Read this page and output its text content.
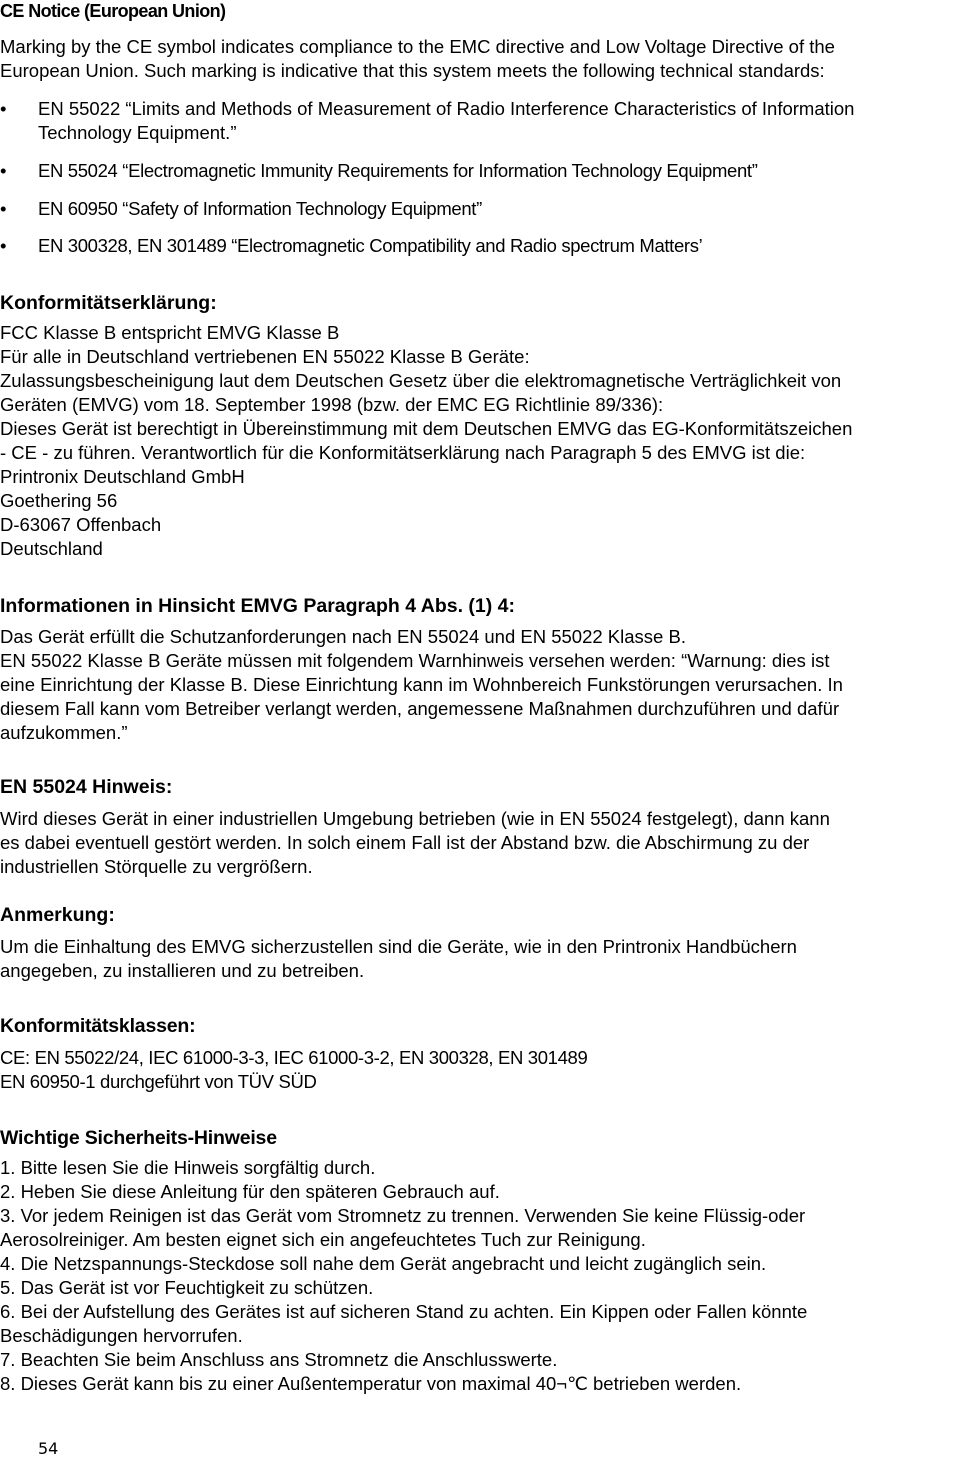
CE Notice (European Union)
Marking by the CE symbol indicates compliance to the EMC directive and Low Voltage Directive of the
European Union. Such marking is indicative that this system meets the following technical standards:
•	EN 55022 “Limits and Methods of Measurement of Radio Interference Characteristics of Information
Technology Equipment.”
•	EN 55024 “Electromagnetic Immunity Requirements for Information Technology Equipment”
•	EN 60950 “Safety of Information Technology Equipment”
•	EN 300328, EN 301489 “Electromagnetic Compatibility and Radio spectrum Matters’
Konformitätserklärung:
FCC Klasse B entspricht EMVG Klasse B
Für alle in Deutschland vertriebenen EN 55022 Klasse B Geräte:
Zulassungsbescheinigung laut dem Deutschen Gesetz über die elektromagnetische Verträglichkeit von
Geräten (EMVG) vom 18. September 1998 (bzw. der EMC EG Richtlinie 89/336):
Dieses Gerät ist berechtigt in Übereinstimmung mit dem Deutschen EMVG das EG-Konformitätszeichen
- CE - zu führen. Verantwortlich für die Konformitätserklärung nach Paragraph 5 des EMVG ist die:
Printronix Deutschland GmbH
Goethering 56
D-63067 Offenbach
Deutschland
Informationen in Hinsicht EMVG Paragraph 4 Abs. (1) 4:
Das Gerät erfüllt die Schutzanforderungen nach EN 55024 und EN 55022 Klasse B.
EN 55022 Klasse B Geräte müssen mit folgendem Warnhinweis versehen werden: “Warnung: dies ist
eine Einrichtung der Klasse B. Diese Einrichtung kann im Wohnbereich Funkstörungen verursachen. In
diesem Fall kann vom Betreiber verlangt werden, angemessene Maßnahmen durchzuführen und dafür
aufzukommen.”
EN 55024 Hinweis:
Wird dieses Gerät in einer industriellen Umgebung betrieben (wie in EN 55024 festgelegt), dann kann
es dabei eventuell gestört werden. In solch einem Fall ist der Abstand bzw. die Abschirmung zu der
industriellen Störquelle zu vergrößern.
Anmerkung:
Um die Einhaltung des EMVG sicherzustellen sind die Geräte, wie in den Printronix Handbüchern
angegeben, zu installieren und zu betreiben.
Konformitätsklassen:
CE: EN 55022/24, IEC 61000-3-3, IEC 61000-3-2, EN 300328, EN 301489
EN 60950-1 durchgeführt von TÜV SÜD
Wichtige Sicherheits-Hinweise
1. Bitte lesen Sie die Hinweis sorgfältig durch.
2. Heben Sie diese Anleitung für den späteren Gebrauch auf.
3. Vor jedem Reinigen ist das Gerät vom Stromnetz zu trennen. Verwenden Sie keine Flüssig-oder
Aerosolreiniger. Am besten eignet sich ein angefeuchtetes Tuch zur Reinigung.
4. Die Netzspannungs-Steckdose soll nahe dem Gerät angebracht und leicht zugänglich sein.
5. Das Gerät ist vor Feuchtigkeit zu schützen.
6. Bei der Aufstellung des Gerätes ist auf sicheren Stand zu achten. Ein Kippen oder Fallen könnte
Beschädigungen hervorrufen.
7. Beachten Sie beim Anschluss ans Stromnetz die Anschlusswerte.
8. Dieses Gerät kann bis zu einer Außentemperatur von maximal 40¬℃ betrieben werden.
54
